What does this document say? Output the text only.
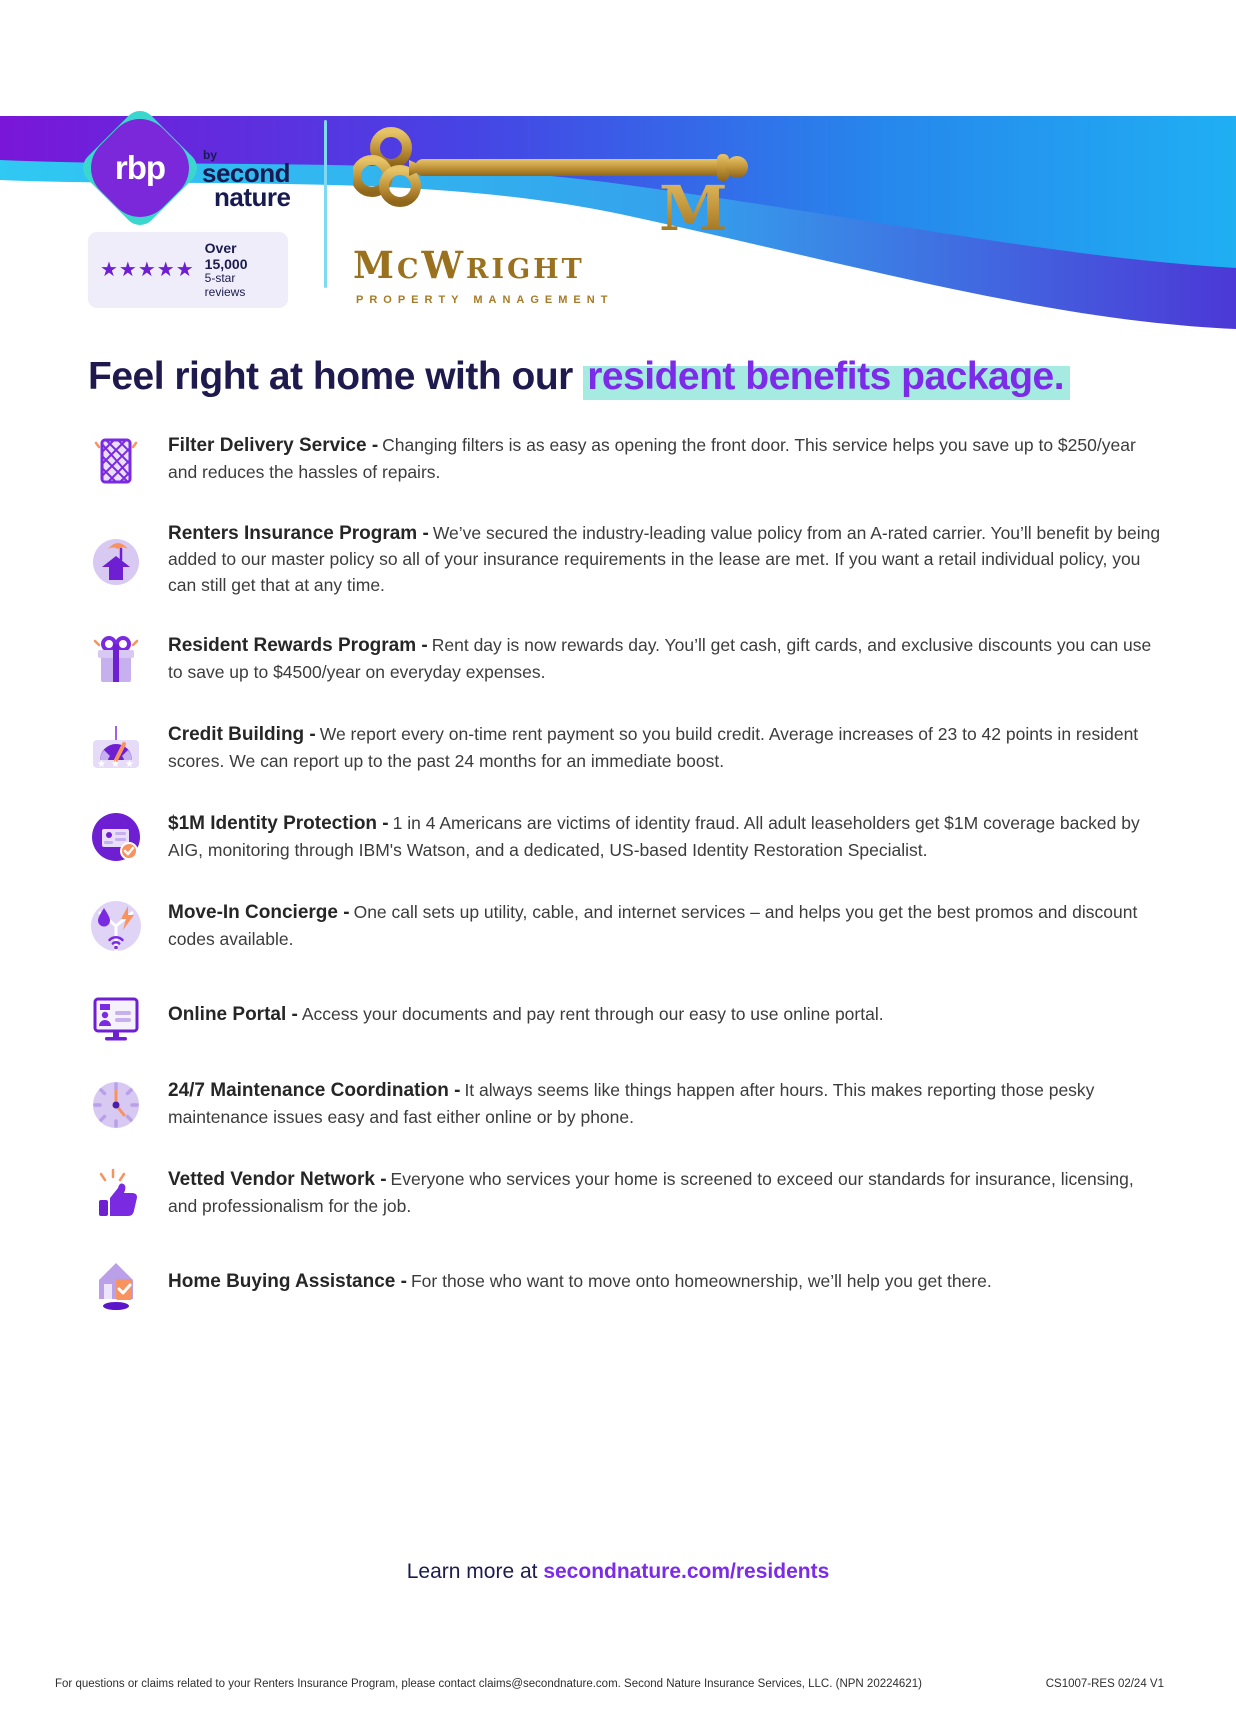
rbp	by
second
nature
★★★★★
Over 15,000
5-star reviews
M
MCWRIGHT
PROPERTY MANAGEMENT
Feel right at home with our resident benefits package.
Filter Delivery Service - Changing filters is as easy as opening the front door. This service helps you save up to $250/year and reduces the hassles of repairs.
Renters Insurance Program - We’ve secured the industry-leading value policy from an A-rated carrier. You’ll benefit by being added to our master policy so all of your insurance requirements in the lease are met. If you want a retail individual policy, you can still get that at any time.
Resident Rewards Program - Rent day is now rewards day. You’ll get cash, gift cards, and exclusive discounts you can use to save up to $4500/year on everyday expenses.
★ ★ ★
Credit Building - We report every on-time rent payment so you build credit. Average increases of 23 to 42 points in resident scores. We can report up to the past 24 months for an immediate boost.
$1M Identity Protection - 1 in 4 Americans are victims of identity fraud. All adult leaseholders get $1M coverage backed by AIG, monitoring through IBM's Watson, and a dedicated, US-based Identity Restoration Specialist.
Move-In Concierge - One call sets up utility, cable, and internet services – and helps you get the best promos and discount codes available.
Online Portal - Access your documents and pay rent through our easy to use online portal.
24/7 Maintenance Coordination - It always seems like things happen after hours. This makes reporting those pesky maintenance issues easy and fast either online or by phone.
Vetted Vendor Network - Everyone who services your home is screened to exceed our standards for insurance, licensing, and professionalism for the job.
Home Buying Assistance - For those who want to move onto homeownership, we’ll help you get there.
Learn more at secondnature.com/residents
For questions or claims related to your Renters Insurance Program, please contact claims@secondnature.com. Second Nature Insurance Services, LLC. (NPN 20224621)	CS1007-RES 02/24 V1
